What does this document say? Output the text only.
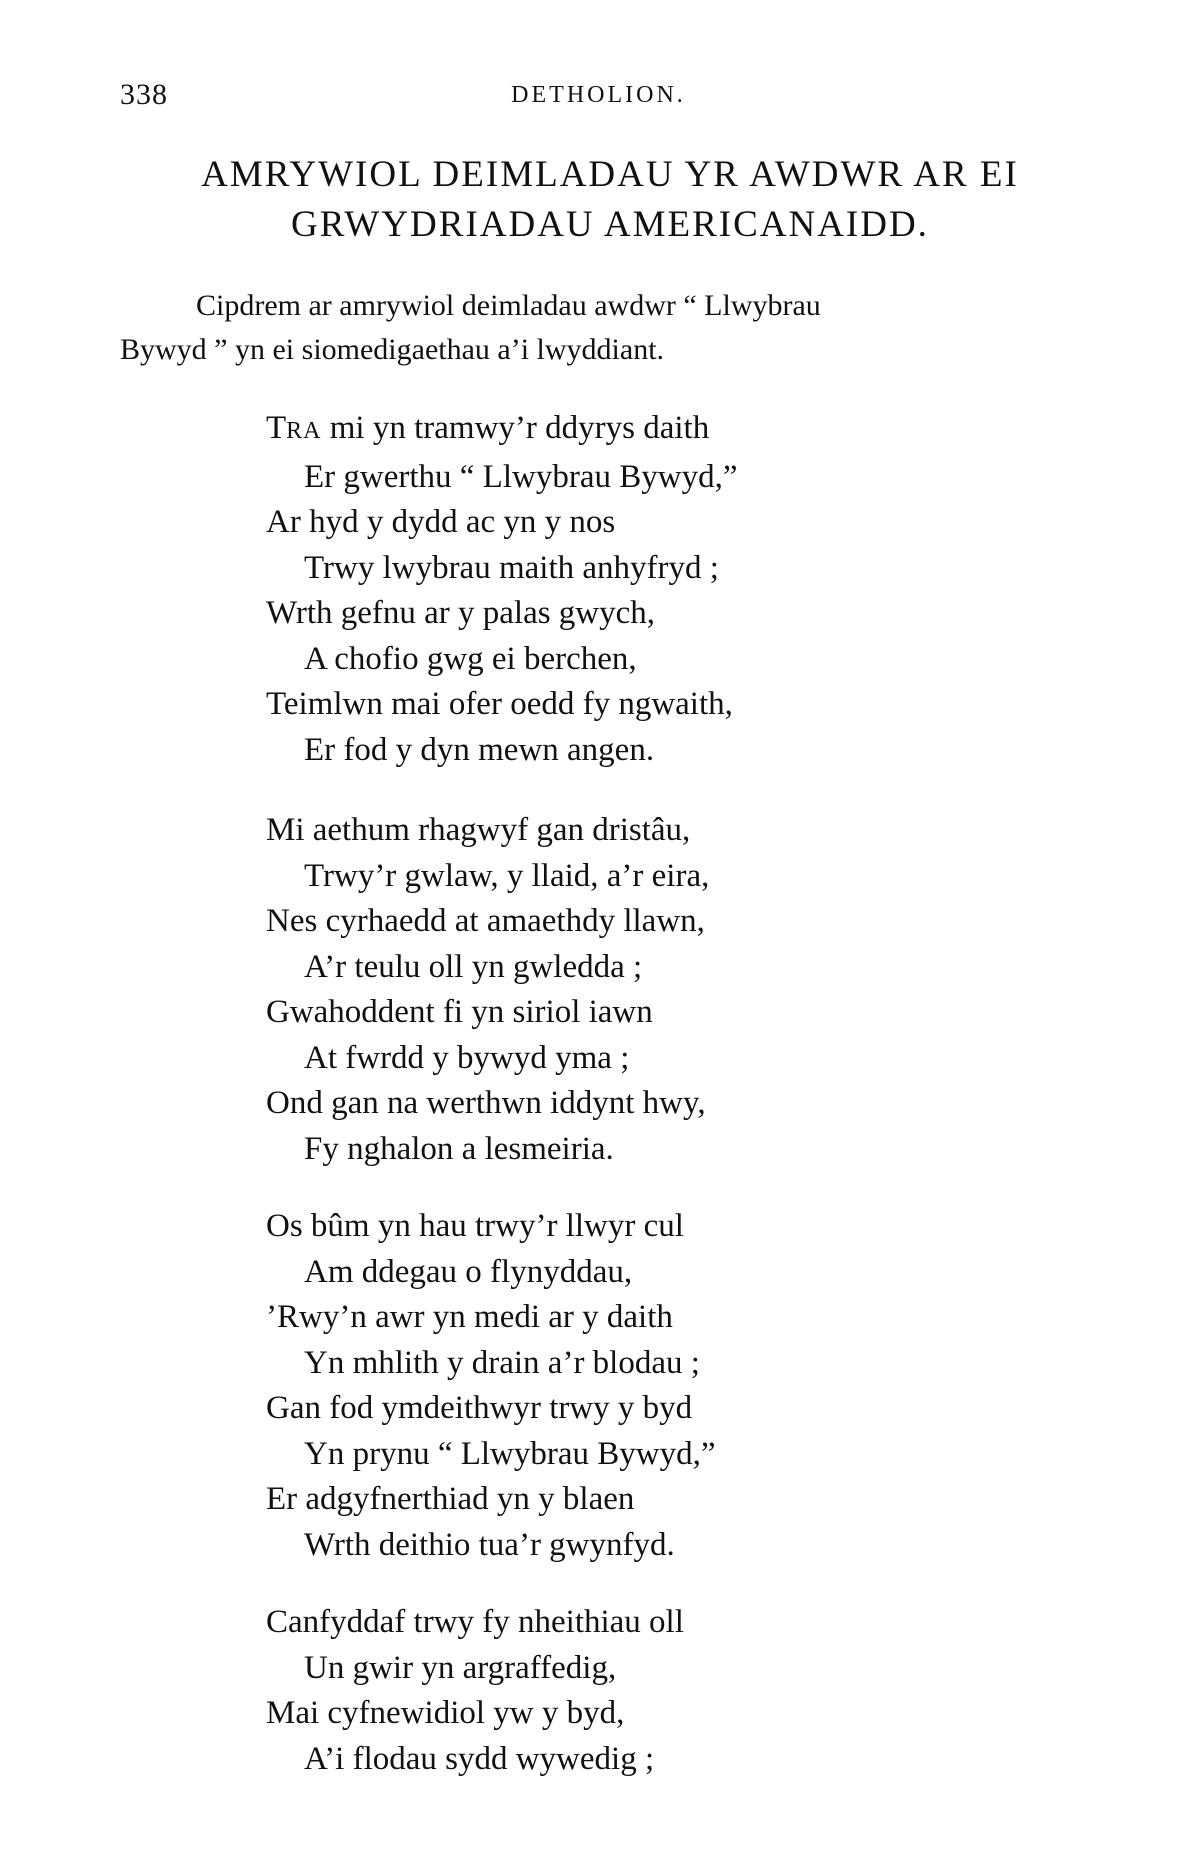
338	DETHOLION.
AMRYWIOL DEIMLADAU YR AWDWR AR EI
GRWYDRIADAU AMERICANAIDD.
Cipdrem ar amrywiol deimladau awdwr “ Llwybrau
Bywyd ” yn ei siomedigaethau a’i lwyddiant.
TRA mi yn tramwy’r ddyrys daith
Er gwerthu “ Llwybrau Bywyd,”
Ar hyd y dydd ac yn y nos
Trwy lwybrau maith anhyfryd ;
Wrth gefnu ar y palas gwych,
A chofio gwg ei berchen,
Teimlwn mai ofer oedd fy ngwaith,
Er fod y dyn mewn angen.
Mi aethum rhagwyf gan dristâu,
Trwy’r gwlaw, y llaid, a’r eira,
Nes cyrhaedd at amaethdy llawn,
A’r teulu oll yn gwledda ;
Gwahoddent fi yn siriol iawn
At fwrdd y bywyd yma ;
Ond gan na werthwn iddynt hwy,
Fy nghalon a lesmeiria.
Os bûm yn hau trwy’r llwyr cul
Am ddegau o flynyddau,
’Rwy’n awr yn medi ar y daith
Yn mhlith y drain a’r blodau ;
Gan fod ymdeithwyr trwy y byd
Yn prynu “ Llwybrau Bywyd,”
Er adgyfnerthiad yn y blaen
Wrth deithio tua’r gwynfyd.
Canfyddaf trwy fy nheithiau oll
Un gwir yn argraffedig,
Mai cyfnewidiol yw y byd,
A’i flodau sydd wywedig ;
